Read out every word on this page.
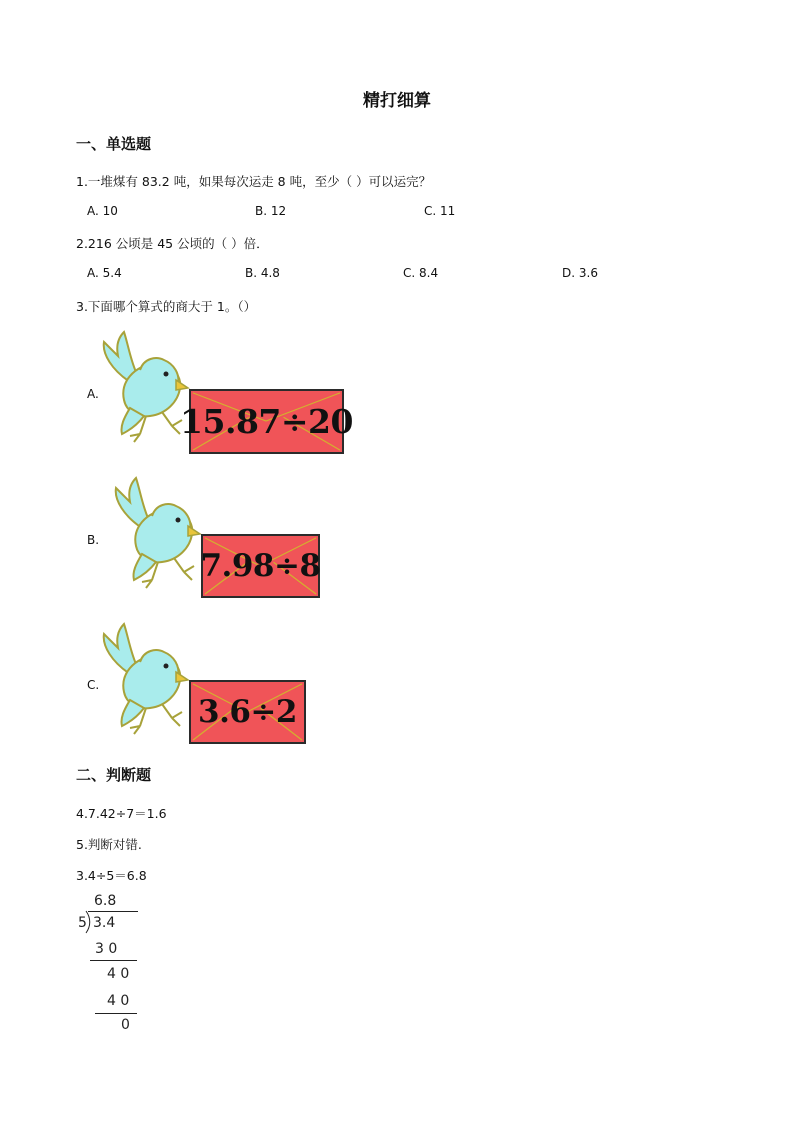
精打细算
一、单选题
1.一堆煤有 83.2 吨，如果每次运走 8 吨，至少（ ）可以运完？
A. 10	B. 12	C. 11
2.216 公顷是 45 公顷的（ ）倍．
A. 5.4	B. 4.8	C. 8.4	D. 3.6
3.下面哪个算式的商大于 1。（）
A.
15.87÷20
B.
7.98÷8
C.
3.6÷2
二、判断题
4.7.42÷7＝1.6
5.判断对错.
3.4÷5＝6.8
6.8
5 3.4
3 0
4 0
4 0
0
